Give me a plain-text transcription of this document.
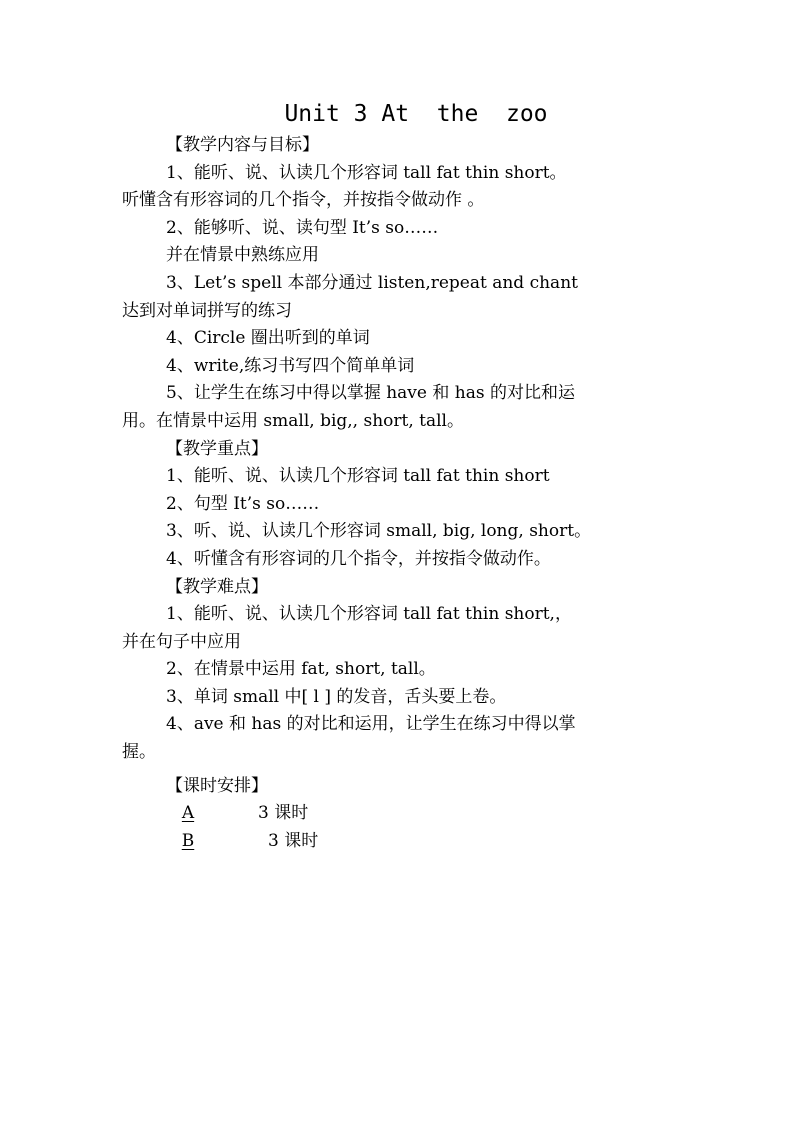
Unit 3 At  the  zoo
【教学内容与目标】
1、能听、说、认读几个形容词 tall fat thin short。
听懂含有形容词的几个指令，并按指令做动作 。
2、能够听、说、读句型 It’s so……
并在情景中熟练应用
3、Let’s spell 本部分通过 listen,repeat and chant
达到对单词拼写的练习
4、Circle 圈出听到的单词
4、write,练习书写四个简单单词
5、让学生在练习中得以掌握 have 和 has 的对比和运
用。在情景中运用 small, big,, short, tall。
【教学重点】
1、能听、说、认读几个形容词 tall fat thin short
2、句型 It’s so……
3、听、说、认读几个形容词 small, big, long, short。
4、听懂含有形容词的几个指令，并按指令做动作。
【教学难点】
1、能听、说、认读几个形容词 tall fat thin short,，
并在句子中应用
2、在情景中运用 fat, short, tall。
3、单词 small 中[ l ] 的发音，舌头要上卷。
4、ave 和 has 的对比和运用，让学生在练习中得以掌
握。
【课时安排】
A	3 课时
B	3 课时
